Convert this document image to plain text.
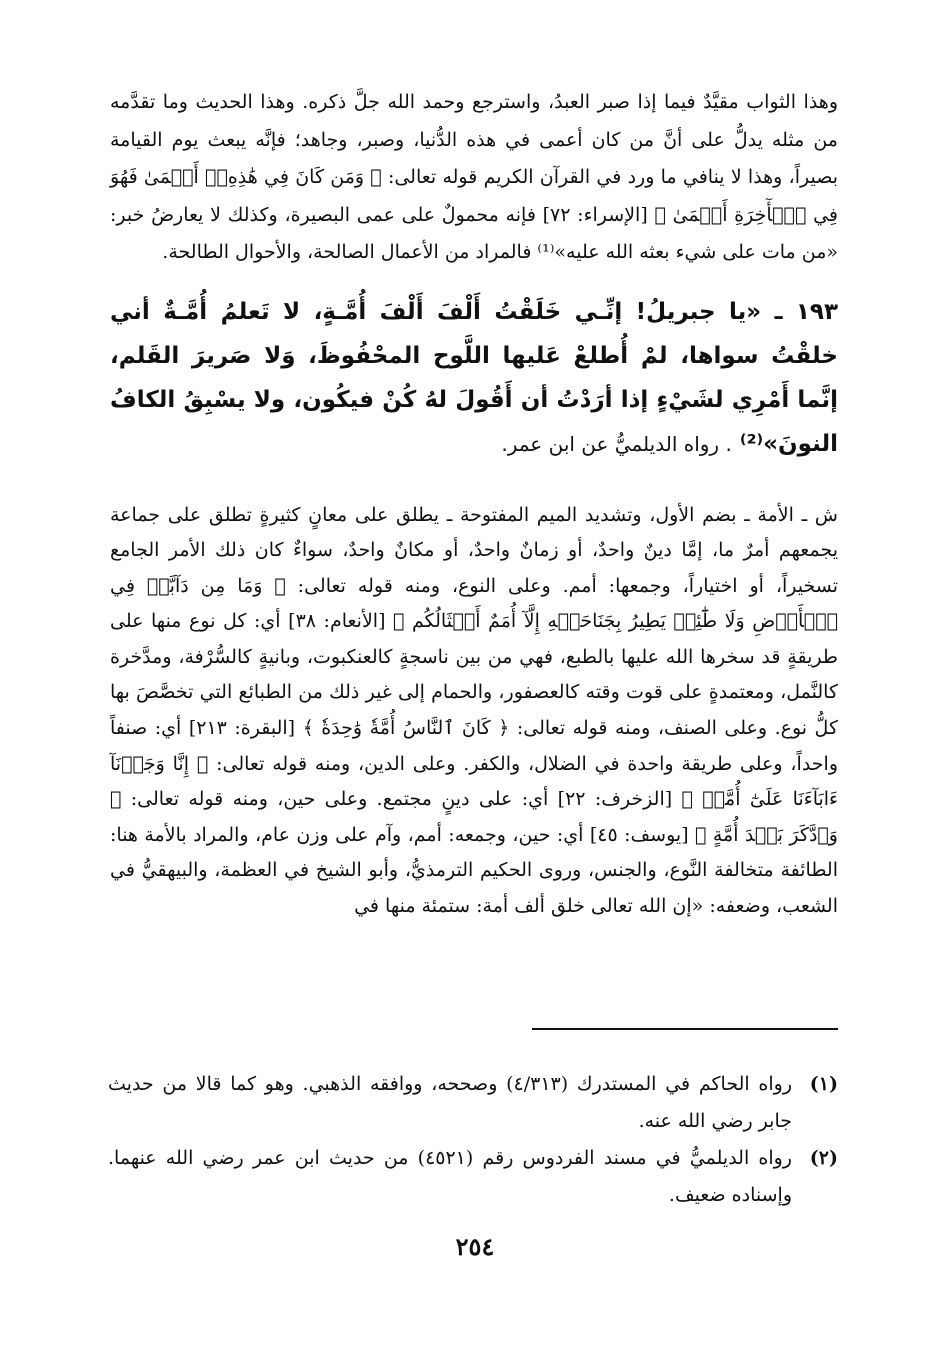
وهذا الثواب مقيَّدٌ فيما إذا صبر العبدُ، واسترجع وحمد الله جلَّ ذكره. وهذا الحديث وما تقدَّمه من مثله يدلُّ على أنَّ من كان أعمى في هذه الدُّنيا، وصبر، وجاهد؛ فإنَّه يبعث يوم القيامة بصيراً، وهذا لا ينافي ما ورد في القرآن الكريم قوله تعالى: ﴿ وَمَن كَانَ فِي هَٰذِهِۦٓ أَعۡمَىٰ فَهُوَ فِي ٱلۡأٓخِرَةِ أَعۡمَىٰ ﴾ [الإسراء: ٧٢] فإنه محمولٌ على عمى البصيرة، وكذلك لا يعارضُ خبر: «من مات على شيء بعثه الله عليه»⁽¹⁾ فالمراد من الأعمال الصالحة، والأحوال الطالحة.

١٩٣ ـ «يا جبريلُ! إنِّـي خَلَقْتُ أَلْفَ أَلْفَ أُمَّـةٍ، لا تَعلمُ أُمَّـةٌ أني خلقْتُ سواها، لمْ أُطلعْ عَليها اللَّوح المحْفُوظَ، وَلا صَريرَ القَلم، إنَّما أَمْرِي لشَيْءٍ إذا أرَدْتُ أن أَقُولَ لهُ كُنْ فيكُون، ولا يسْبِقُ الكافُ النونَ»⁽²⁾ . رواه الديلميُّ عن ابن عمر.

ش ـ الأمة ـ بضم الأول، وتشديد الميم المفتوحة ـ يطلق على معانٍ كثيرةٍ تطلق على جماعة يجمعهم أمرٌ ما، إمَّا دينٌ واحدٌ، أو زمانٌ واحدٌ، أو مكانٌ واحدٌ، سواءٌ كان ذلك الأمر الجامع تسخيراً، أو اختياراً، وجمعها: أمم. وعلى النوع، ومنه قوله تعالى: ﴿ وَمَا مِن دَآبَّةٖ فِي ٱلۡأَرۡضِ وَلَا طَٰٓئِرٖ يَطِيرُ بِجَنَاحَيۡهِ إِلَّآ أُمَمٌ أَمۡثَالُكُم ﴾ [الأنعام: ٣٨] أي: كل نوع منها على طريقةٍ قد سخرها الله عليها بالطبع، فهي من بين ناسجةٍ كالعنكبوت، وبانيةٍ كالسُّرْفة، ومدَّخرة كالنَّمل، ومعتمدةٍ على قوت وقته كالعصفور، والحمام إلى غير ذلك من الطبائع التي تخصَّصَ بها كلُّ نوع. وعلى الصنف، ومنه قوله تعالى: ﴿ كَانَ ٱلنَّاسُ أُمَّةٗ وَٰحِدَةٗ ﴾ [البقرة: ٢١٣] أي: صنفاً واحداً، وعلى طريقة واحدة في الضلال، والكفر. وعلى الدين، ومنه قوله تعالى: ﴿ إِنَّا وَجَدۡنَآ ءَابَآءَنَا عَلَىٰٓ أُمَّةٖ ﴾ [الزخرف: ٢٢] أي: على دينٍ مجتمع. وعلى حين، ومنه قوله تعالى: ﴿ وَٱدَّكَرَ بَعۡدَ أُمَّةٍ ﴾ [يوسف: ٤٥] أي: حين، وجمعه: أمم، وآم على وزن عام، والمراد بالأمة هنا: الطائفة متخالفة النَّوع، والجنس، وروى الحكيم الترمذيُّ، وأبو الشيخ في العظمة، والبيهقيُّ في الشعب، وضعفه: «إن الله تعالى خلق ألف أمة: ستمئة منها في

(١)
رواه الحاكم في المستدرك (٤/٣١٣) وصححه، ووافقه الذهبي. وهو كما قالا من حديث جابر رضي الله عنه.
(٢)
رواه الديلميُّ في مسند الفردوس رقم (٤٥٢١) من حديث ابن عمر رضي الله عنهما. وإسناده ضعيف.
٢٥٤
